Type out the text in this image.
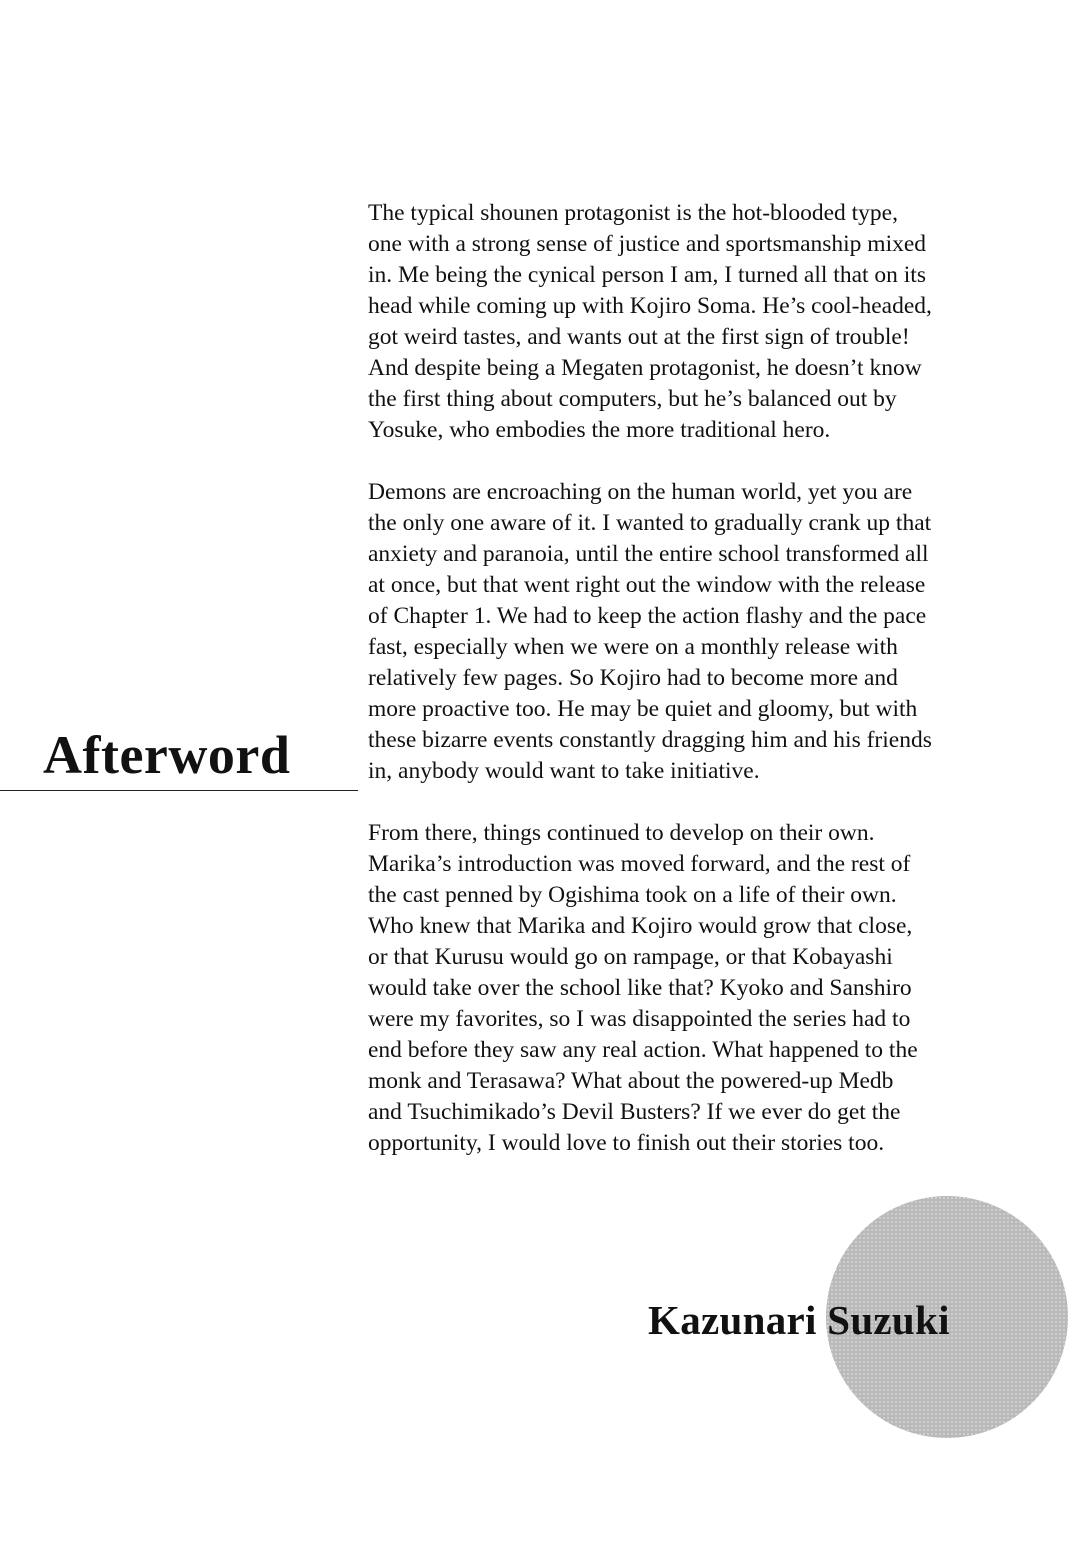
Afterword

The typical shounen protagonist is the hot-blooded type,
one with a strong sense of justice and sportsmanship mixed
in. Me being the cynical person I am, I turned all that on its
head while coming up with Kojiro Soma. He’s cool-headed,
got weird tastes, and wants out at the first sign of trouble!
And despite being a Megaten protagonist, he doesn’t know
the first thing about computers, but he’s balanced out by
Yosuke, who embodies the more traditional hero.

Demons are encroaching on the human world, yet you are
the only one aware of it. I wanted to gradually crank up that
anxiety and paranoia, until the entire school transformed all
at once, but that went right out the window with the release
of Chapter 1. We had to keep the action flashy and the pace
fast, especially when we were on a monthly release with
relatively few pages. So Kojiro had to become more and
more proactive too. He may be quiet and gloomy, but with
these bizarre events constantly dragging him and his friends
in, anybody would want to take initiative.

From there, things continued to develop on their own.
Marika’s introduction was moved forward, and the rest of
the cast penned by Ogishima took on a life of their own.
Who knew that Marika and Kojiro would grow that close,
or that Kurusu would go on rampage, or that Kobayashi
would take over the school like that? Kyoko and Sanshiro
were my favorites, so I was disappointed the series had to
end before they saw any real action. What happened to the
monk and Terasawa? What about the powered-up Medb
and Tsuchimikado’s Devil Busters? If we ever do get the
opportunity, I would love to finish out their stories too.

Kazunari Suzuki
